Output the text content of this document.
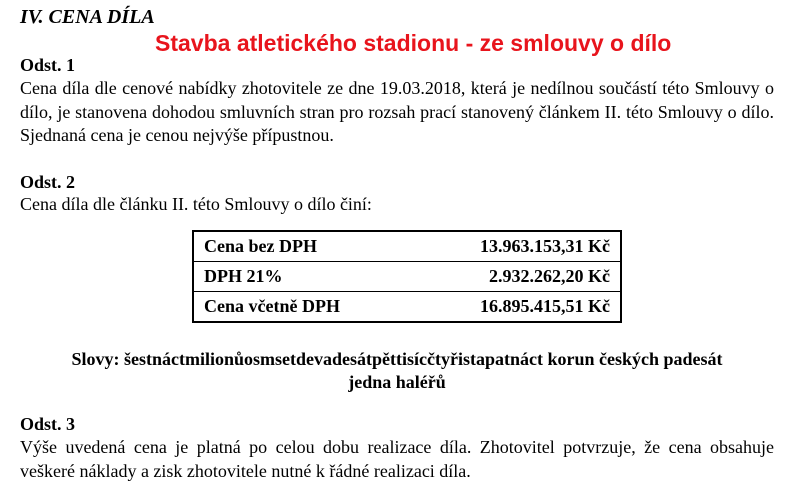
IV. CENA DÍLA
Stavba atletického stadionu - ze smlouvy o dílo
Odst. 1

Cena díla dle cenové nabídky zhotovitele ze dne 19.03.2018, která je nedílnou součástí této Smlouvy o dílo, je stanovena dohodou smluvních stran pro rozsah prací stanovený článkem II. této Smlouvy o dílo. Sjednaná cena je cenou nejvýše přípustnou.

Odst. 2

Cena díla dle článku II. této Smlouvy o dílo činí:

Cena bez DPH	13.963.153,31 Kč
DPH 21%	2.932.262,20 Kč
Cena včetně DPH	16.895.415,51 Kč

Slovy: šestnáctmilionůosmsetdevadesátpěttisícčtyřistapatnáct korun českých padesát
jedna haléřů

Odst. 3

Výše uvedená cena je platná po celou dobu realizace díla. Zhotovitel potvrzuje, že cena obsahuje veškeré náklady a zisk zhotovitele nutné k řádné realizaci díla.
